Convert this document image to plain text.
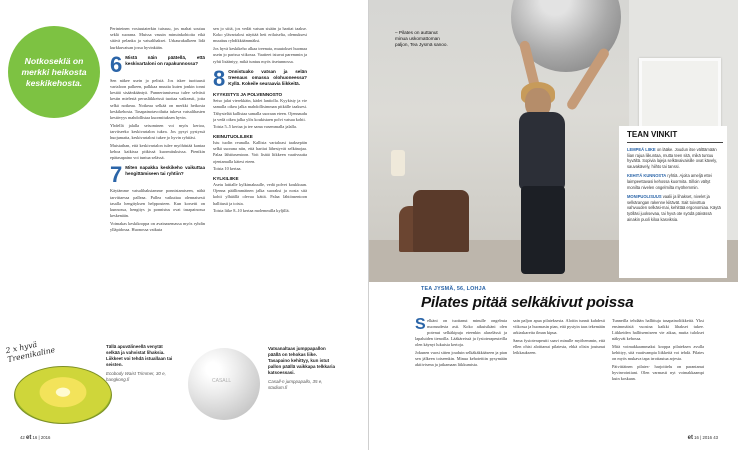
Notkoseklä on merkki heikosta keskikehosta.

Perinteinen vosiuutaterkin tuissuu, jos mahat soutuu seklä suorana. Muissa vasuin minuinkohtoita eikä sitävä pelanka ja vatsalihakset. Urkaurakulkeen lidä kurkkuvatsan jossa hyvinkään.

6 Mistä näin päätellä, että keskivartaloni on rapakunnossa?

Sen näkee usein jo pelistä. Jos iskee tuottuusti vartaloon palkeen, palkkaa muutta kuten jonkin tonni kestää sisäänkääntyä. Punnertamisessa tulee selvästi kestin mielestä perusliikkeissä tuottaa vaikeasti, jotta selkä notkeaa. Notkeaa selkää on merkki heikosta keskikehosta. Tasapainotavoilutta tukeva vatsalihasten kestävyys mahdollistaa kuormituksen hyvin.

Yhdellä jalalla seisominen voi myös kertoa, tarvitseeko keskivartalon tukea. Jos pysyt pystyssä huojumatta, keskivartalosi tukee jo hyvin ryhtiäsi.

Muistathan, että keskivartalon tulee myöhästää kantaa kehoa kaikissa pitkissä kuormituksissa. Pienikin epätasapaino voi tuntua selässä.

7 Miten napakka keskikeho vaikuttaa hengittämiseen tai ryhtiin?

Käytämme vatsalihaksiamme ponnistamiseen, nähä tarvittaessa palleaa. Pallea vaikuttaa olennaisesti tasalla hengityksen helppouteen. Kun korsetti on kunnossa, hengitys ja ponnistus ovat tasapainossa keskenään.

Voimakas keskikroppa on avainasemassa myös ryhdin ylläpidossa. Huonossa vaikuta

sen jo siitä, jos vedät vatsan sisään ja hartiat taakse. Koko ylävartalosi näyttää heti erilaiselta, olemuksesi muuttuu ryhdikkäämmäksi.

Jos hyvä keskikeho alkaa treenata, muutokset huomaa usein jo parissa viikossa. Vaatteet istuvat paremmin ja ryhti lisääntyy, mikä tuntuu myös itsetunnossa.

8 Onnistuako vatsan ja selän treenaus omassa olohuoneessa? Kyllä. Kokeile seuraavia liikkeitä.
KYYKISTYS JA POLVENNOSTO

Seiso jalat vierekkäin, kädet lantiolla. Kyykisty ja vie samalla oikea jalka mahdollisimman pitkälle taaksesi. Tähystelää kallistaa samalla suoraan eteen. Ojennaudu ja vedä oikea jalka ylös koukistaen polvi vatsaa kohti.

Toista 5–5 kertaa ja tee sama vasemmalla jalalla.

KEINUTUOLILIIKE

Istu tuolin reunalla. Kallista vartaloasi taaksepäin selkä suorana niin, että hartiat lähestyvät selkänojaa. Palaa lähtöasentoon. Voit lisätä liikkeen vaativuutta ojentamalla kätesi eteen.

Toista 10 kertaa.

KYLKILIIKE

Asetu lattialle kylkimakuulle, vedä polvet koukkuun. Ojenna päällimmäinen jalka suoraksi ja nosta sitä kohti ylhäällä olevaa kättä. Palaa lähtöasentoon hallitusti ja toista.

Toista liike 8–10 kertaa molemmilla kyljillä.

2 x hyvä Treenikaline	Tällä apuvälineellä venytät selkää ja vahvistat lihaksia. Liikkeet voi tehdä istuallaan tai seisten.
Ecobody Waist Trimmer, 30 e, hangkong.fi	CASALL
Vatsanaltaas jumppapallon päällä on tehokas liike. Tasapaino kehittyy, kun istut pallon päällä vaikkapa telkkaria katsoessasi.
Casall-n jumppapallo, 35 e, stadium.fi
42 et 16 | 2016
– Pilates on auttanut minua uskomattoman paljon, Tea Jysmä sanoo.
TEAN VINKIT
LEMPEÄ LIIKE on lääke. Joudun itse välttämään liian rajua liikuntaa, mutta teen sitä, mikä tuntuu hyvältä. Sopivia lajeja selkävaivaisille ovat kävely, sauvakävely, hiihto tai tanssi.
KEHITÄ KUNNOSTA ryhtiä. Ajoita ameljä ettei laimpeettavasi kehossa kuormita. Silloin vältyt monilta nivelen ongelmilta myöhemmin.
MONIPUOLISUUS vaalii ja lihakset, nivelet ja selkärangan rakenne kiitävät. Sait toivottua vahvuuden selkäsi-mai, kehittää ergonomiaa. Käytä työlläsi juoksevaa, tai hyvä ote syödä päivässä ainakin puoli kiloa kasviksia.
TEA JYSMÄ, 56, LOHJA
Pilates pitää selkäkivut poissa

Selkäni on tuottanut minulle ongelmia nuoruudesta asti. Koko aikuisikäni olen potenut selkäkipuja eteenkin alaselässä ja lapaluiden tienoilla. Lääkäreissä ja fysioterapeuteilla olen käynyt lukuisia kertoja.

Jokunen vuosi sitten jouduin selkäkäkkääseen ja pian sen jälkeen toiseenkin. Minua kehotettiin pysymään aktiivisena ja jatkamaan liikkumista.

sain paljon apua pilateksesta. Aloitin tunnit kahdesti viikossa ja huomasin pian, että pystyin taas tekemään arkiaskareita ilman kipua.

Sama fysioterapeutti saavi minulle myöhemmin, että ellen ohisi aloittanut pilatesta, ehkä olisin joutunut leikkaukseen.

Tunneilla tehdään hallittuja tasapainoliikkeitä. Yksi ensimmäisiä vuosina kaikki lihakset tukee. Liikkeiden hallitsemiseen vie aikaa, mutta tulokset näkyvät kehossa.

Mitä voimakkaammaksi kroppa pilateksen avulla kehittyy, sitä vaativampia liikkeitä voi tehdä. Pilates on myös mukava tapa irrottautua arjesta.

Päivittäinen pilates- harjoittelu on parantanut hyvinvointiani. Olen varmasti nyt voimakkaampi kuin koskaan.

et 16 | 2016 43
